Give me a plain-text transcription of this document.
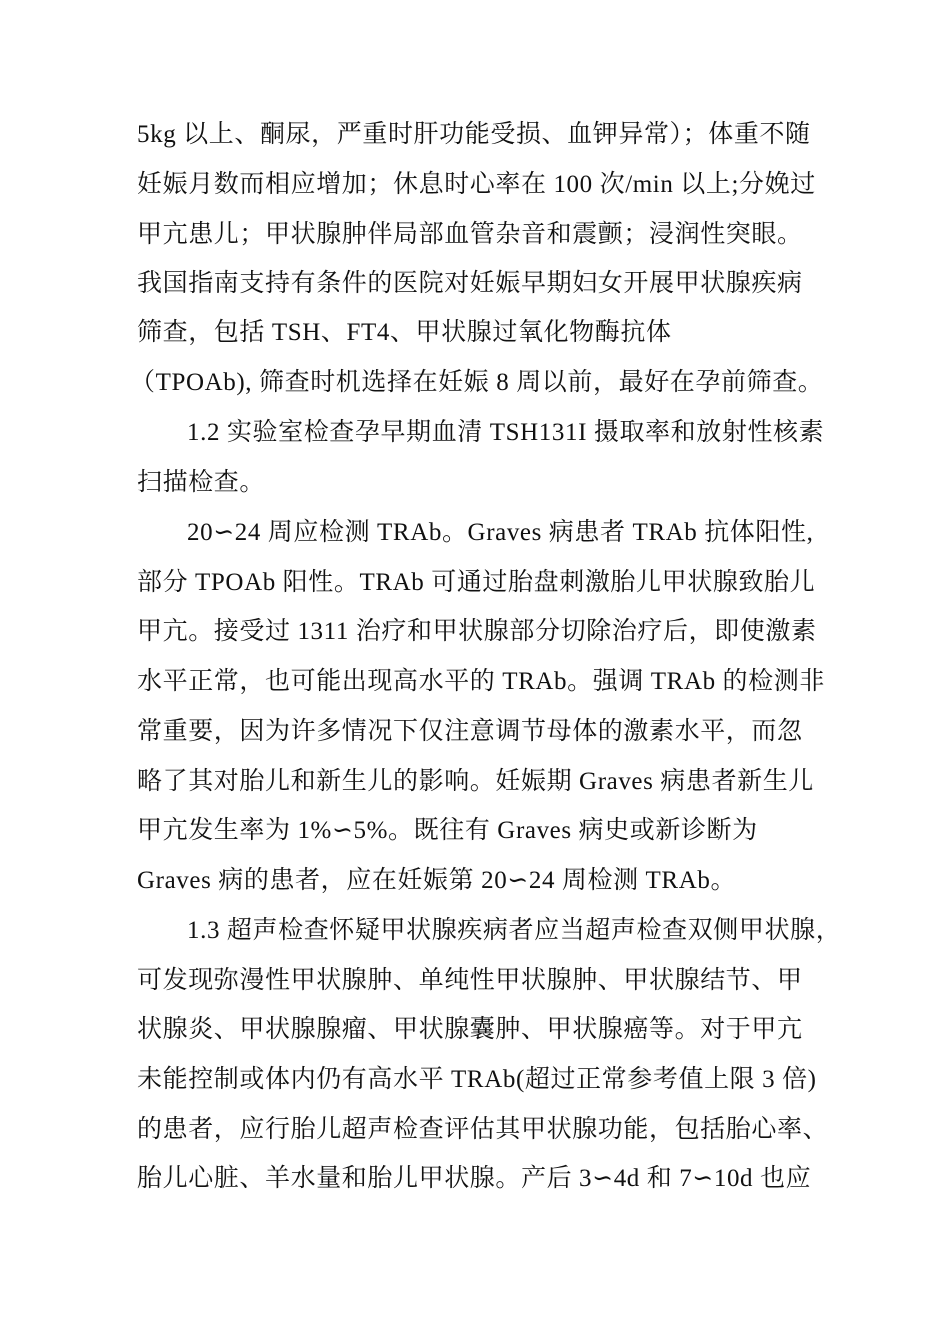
5kg 以上、酮尿，严重时肝功能受损、血钾异常）；体重不随
妊娠月数而相应增加；休息时心率在 100 次/min 以上;分娩过
甲亢患儿；甲状腺肿伴局部血管杂音和震颤；浸润性突眼。
我国指南支持有条件的医院对妊娠早期妇女开展甲状腺疾病
筛查，包括 TSH、FT4、甲状腺过氧化物酶抗体
（TPOAb), 筛查时机选择在妊娠 8 周以前，最好在孕前筛查。
1.2 实验室检查孕早期血清 TSH131I 摄取率和放射性核素
扫描检查。
20∽24 周应检测 TRAb。Graves 病患者 TRAb 抗体阳性,
部分 TPOAb 阳性。TRAb 可通过胎盘刺激胎儿甲状腺致胎儿
甲亢。接受过 1311 治疗和甲状腺部分切除治疗后，即使激素
水平正常，也可能出现高水平的 TRAb。强调 TRAb 的检测非
常重要，因为许多情况下仅注意调节母体的激素水平，而忽
略了其对胎儿和新生儿的影响。妊娠期 Graves 病患者新生儿
甲亢发生率为 1%∽5%。既往有 Graves 病史或新诊断为
Graves 病的患者，应在妊娠第 20∽24 周检测 TRAb。
1.3 超声检查怀疑甲状腺疾病者应当超声检查双侧甲状腺，
可发现弥漫性甲状腺肿、单纯性甲状腺肿、甲状腺结节、甲
状腺炎、甲状腺腺瘤、甲状腺囊肿、甲状腺癌等。对于甲亢
未能控制或体内仍有高水平 TRAb(超过正常参考值上限 3 倍)
的患者，应行胎儿超声检查评估其甲状腺功能，包括胎心率、
胎儿心脏、羊水量和胎儿甲状腺。产后 3∽4d 和 7∽10d 也应
